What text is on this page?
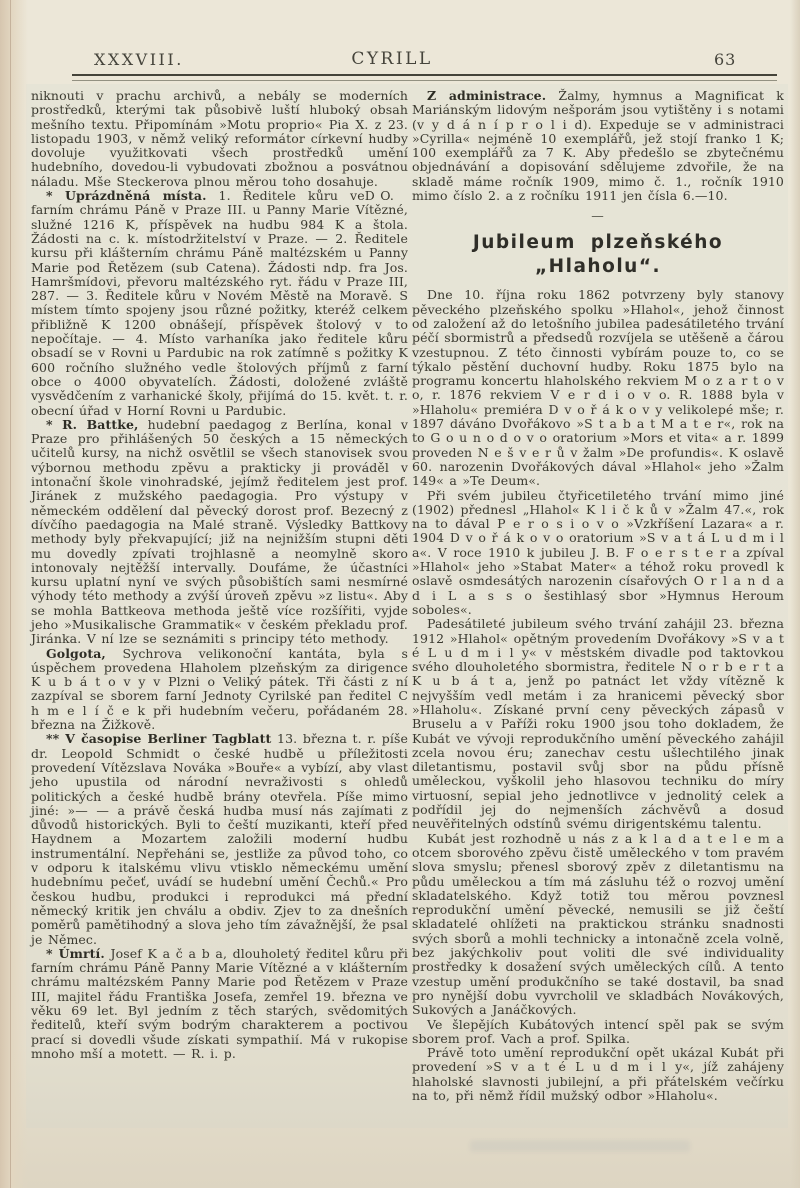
XXXVIII.	CYRILL	63

niknouti v prachu archivů, a nebály se moderních prostředků, kterými tak působivě luští hluboký obsah mešního textu. Připomínám »Motu proprio« Pia X. z 23. listopadu 1903, v němž veliký reformátor církevní hudby dovoluje využitkovati všech prostředků umění hudebního, dovedou-li vybudovati zbožnou a posvátnou náladu. Mše Steckerova plnou měrou toho dosahuje.
D O.

* Uprázdněná místa. 1. Ředitele kůru ve farním chrámu Páně v Praze III. u Panny Marie Vítězné, služné 1216 K, příspěvek na hudbu 984 K a štola. Žádosti na c. k. místodržitelství v Praze. — 2. Ředitele kursu při klášterním chrámu Páně maltézském u Panny Marie pod Řetězem (sub Catena). Žádosti ndp. fra Jos. Hamršmídovi, převoru maltézského ryt. řádu v Praze III, 287. — 3. Ředitele kůru v Novém Městě na Moravě. S místem tímto spojeny jsou různé požitky, kteréž celkem přibližně K 1200 obnášejí, příspěvek štolový v to nepočítaje. — 4. Místo varhaníka jako ředitele kůru obsadí se v Rovni u Pardubic na rok zatímně s požitky K 600 ročního služného vedle štolových příjmů z farní obce o 4000 obyvatelích. Žádosti, doložené zvláště vysvědčením z varhanické školy, přijímá do 15. květ. t. r. obecní úřad v Horní Rovni u Pardubic.

* R. Battke, hudební paedagog z Berlína, konal v Praze pro přihlášených 50 českých a 15 německých učitelů kursy, na nichž osvětlil se všech stanovisek svou výbornou methodu zpěvu a prakticky ji prováděl v intonační škole vinohradské, jejímž ředitelem jest prof. Jiránek z mužského paedagogia. Pro výstupy v německém oddělení dal pěvecký dorost prof. Bezecný z dívčího paedagogia na Malé straně. Výsledky Battkovy methody byly překvapující; již na nejnižším stupni děti mu dovedly zpívati trojhlasně a neomylně skoro intonovaly nejtěžší intervally. Doufáme, že účastníci kursu uplatní nyní ve svých působištích sami nesmírné výhody této methody a zvýší úroveň zpěvu »z listu«. Aby se mohla Battkeova methoda ještě více rozšířiti, vyjde jeho »Musikalische Grammatik« v českém překladu prof. Jiránka. V ní lze se seznámiti s principy této methody.

Golgota, Sychrova velikonoční kantáta, byla s úspěchem provedena Hlaholem plzeňským za dirigence K u b á t o v y v Plzni o Veliký pátek. Tři části z ní zazpíval se sborem farní Jednoty Cyrilské pan ředitel C h m e l í č e k při hudebním večeru, pořádaném 28. března na Žižkově.

** V časopise Berliner Tagblatt 13. března t. r. píše dr. Leopold Schmidt o české hudbě u příležitosti provedení Vítězslava Nováka »Bouře« a vybízí, aby vlast jeho upustila od národní nevraživosti s ohledů politických a české hudbě brány otevřela. Píše mimo jiné: »— — a právě česká hudba musí nás zajímati z důvodů historických. Byli to čeští muzikanti, kteří před Haydnem a Mozartem založili moderní hudbu instrumentální. Nepřeháni se, jestliže za původ toho, co v odporu k italskému vlivu vtisklo německému umění hudebnímu pečeť, uvádí se hudební umění Čechů.« Pro českou hudbu, produkci i reprodukci má přední německý kritik jen chválu a obdiv. Zjev to za dnešních poměrů pamětihodný a slova jeho tím závažnější, že psal je Němec.

* Úmrtí. Josef K a č a b a, dlouholetý ředitel kůru při farním chrámu Páně Panny Marie Vítězné a v klášterním chrámu maltézském Panny Marie pod Řetězem v Praze III, majitel řádu Františka Josefa, zemřel 19. března ve věku 69 let. Byl jedním z těch starých, svědomitých ředitelů, kteří svým bodrým charakterem a poctivou prací si dovedli všude získati sympathií. Má v rukopise mnoho mší a motett. — R. i. p.

Z administrace. Žalmy, hymnus a Magnificat k Mariánským lidovým nešporám jsou vytištěny i s notami (v y d á n í p r o l i d). Expeduje se v administraci »Cyrilla« nejméně 10 exemplářů, jež stojí franko 1 K; 100 exemplářů za 7 K. Aby předešlo se zbytečnému objednávání a dopisování sdělujeme zdvořile, že na skladě máme ročník 1909, mimo č. 1., ročník 1910 mimo číslo 2. a z ročníku 1911 jen čísla 6.—10.

—

Jubileum plzeňského
„Hlaholu“.

Dne 10. října roku 1862 potvrzeny byly stanovy pěveckého plzeňského spolku »Hlahol«, jehož činnost od založení až do letošního jubilea padesátiletého trvání péčí sbormistrů a předsedů rozvíjela se utěšeně a čárou vzestupnou. Z této činnosti vybírám pouze to, co se týkalo pěstění duchovní hudby. Roku 1875 bylo na programu koncertu hlaholského rekviem M o z a r t o v o, r. 1876 rekviem V e r d i o v o. R. 1888 byla v »Hlaholu« premiéra D v o ř á k o v y velikolepé mše; r. 1897 dáváno Dvořákovo »S t a b a t M a t e r«, rok na to G o u n o d o v o oratorium »Mors et vita« a r. 1899 proveden N e š v e r ů v žalm »De profundis«. K oslavě 60. narozenin Dvořákových dával »Hlahol« jeho »Žalm 149« a »Te Deum«.

Při svém jubileu čtyřicetiletého trvání mimo jiné (1902) přednesl „Hlahol« K l i č k ů v »Žalm 47.«, rok na to dával P e r o s i o v o »Vzkříšení Lazara« a r. 1904 D v o ř á k o v o oratorium »S v a t á L u d m i l a«. V roce 1910 k jubileu J. B. F o e r s t e r a zpíval »Hlahol« jeho »Stabat Mater« a téhož roku provedl k oslavě osmdesátých narozenin císařových O r l a n d a d i L a s s o šestihlasý sbor »Hymnus Heroum soboles«.

Padesátileté jubileum svého trvání zahájil 23. března 1912 »Hlahol« opětným provedením Dvořákovy »S v a t é L u d m i l y« v městském divadle pod taktovkou svého dlouholetého sbormistra, ředitele N o r b e r t a K u b á t a, jenž po patnáct let vždy vítězně k nejvyšším vedl metám i za hranicemi pěvecký sbor »Hlaholu«. Získané první ceny pěveckých zápasů v Bruselu a v Paříži roku 1900 jsou toho dokladem, že Kubát ve vývoji reprodukčního umění pěveckého zahájil zcela novou éru; zanechav cestu ušlechtilého jinak diletantismu, postavil svůj sbor na půdu přísně uměleckou, vyškolil jeho hlasovou techniku do míry virtuosní, sepial jeho jednotlivce v jednolitý celek a podřídil jej do nejmenších záchvěvů a dosud neuvěřitelných odstínů svému dirigentskému talentu.

Kubát jest rozhodně u nás z a k l a d a t e l e m a otcem sborového zpěvu čistě uměleckého v tom pravém slova smyslu; přenesl sborový zpěv z diletantismu na půdu uměleckou a tím má zásluhu též o rozvoj umění skladatelského. Když totiž tou měrou povznesl reprodukční umění pěvecké, nemusili se již čeští skladatelé ohlížeti na praktickou stránku snadnosti svých sborů a mohli technicky a intonačně zcela volně, bez jakýchkoliv pout voliti dle své individuality prostředky k dosažení svých uměleckých cílů. A tento vzestup umění produkčního se také dostavil, ba snad pro nynější dobu vyvrcholil ve skladbách Novákových, Sukových a Janáčkových.

Ve šlepějích Kubátových intencí spěl pak se svým sborem prof. Vach a prof. Spilka.

Právě toto umění reprodukční opět ukázal Kubát při provedení »S v a t é L u d m i l y«, jíž zahájeny hlaholské slavnosti jubilejní, a při přátelském večírku na to, při němž řídil mužský odbor »Hlaholu«.
